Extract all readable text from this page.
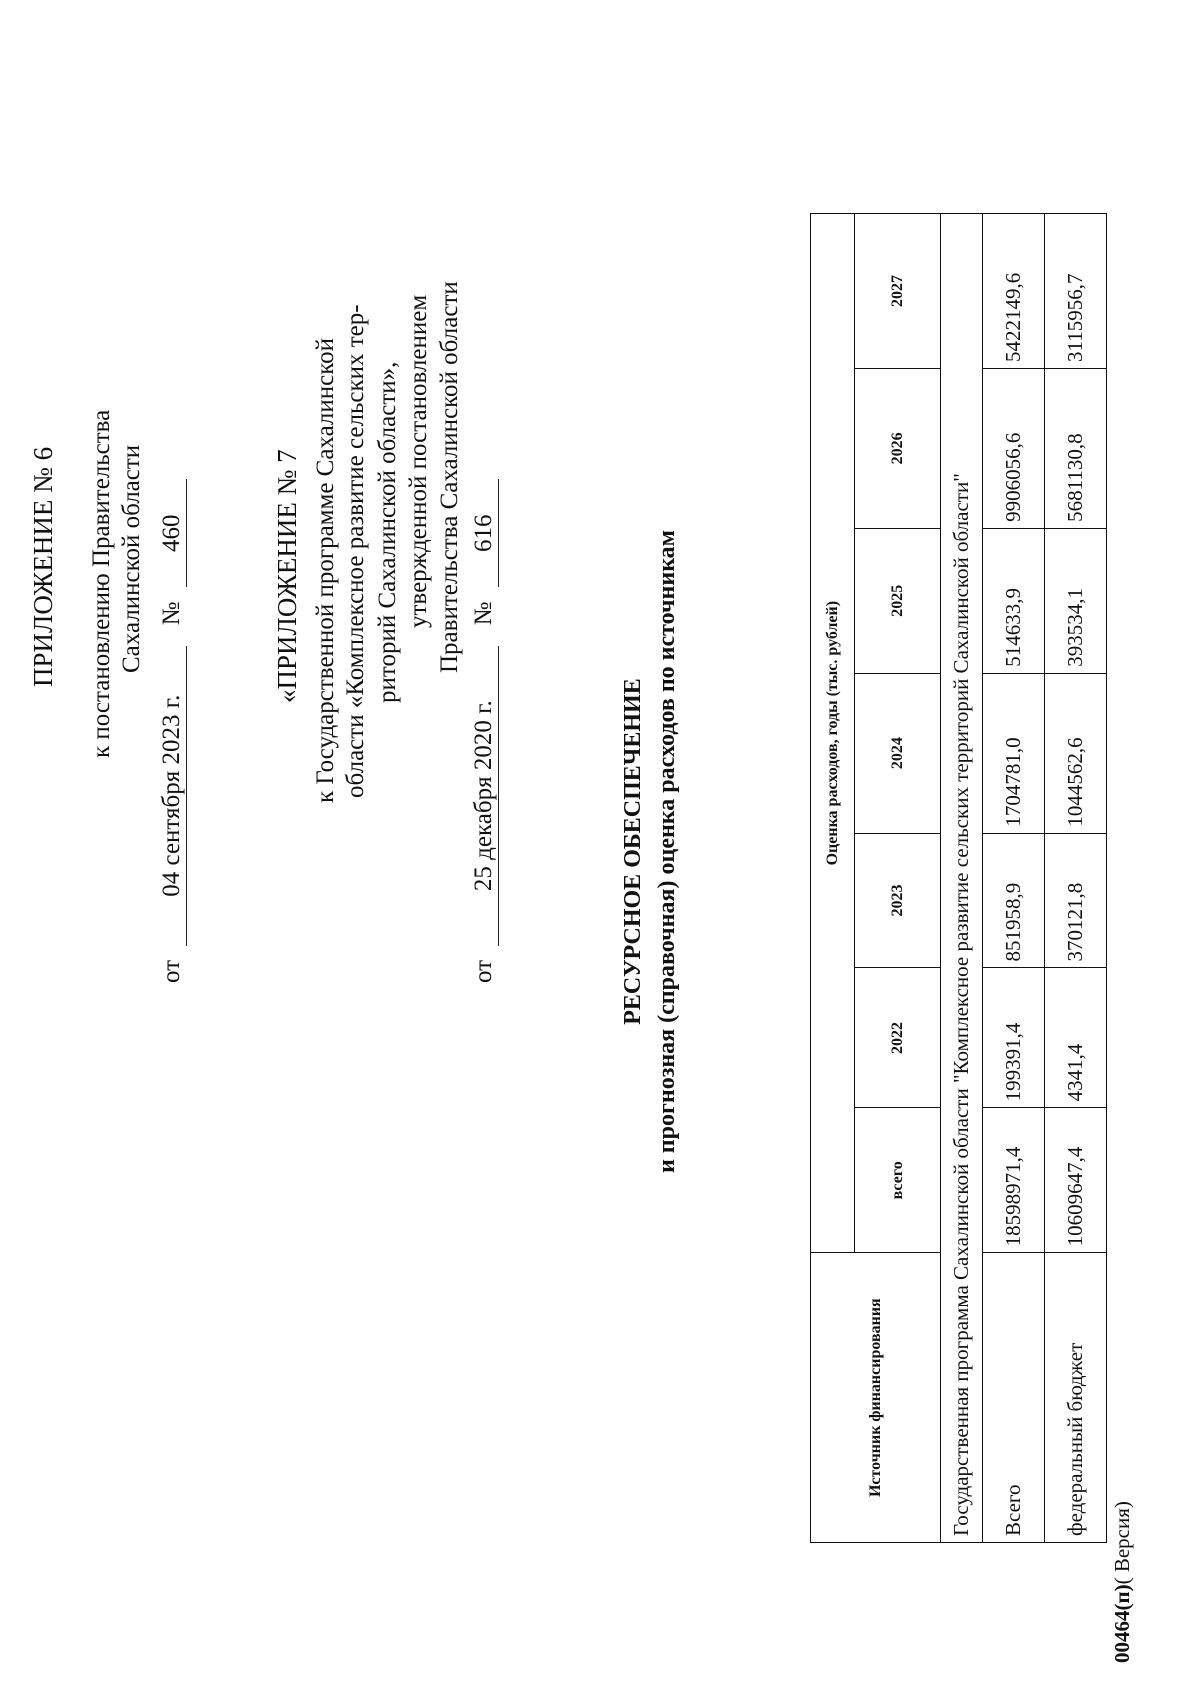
ПРИЛОЖЕНИЕ № 6 к постановлению Правительства Сахалинской области
от 04 сентября 2023 г. № 460	«ПРИЛОЖЕНИЕ № 7 к Государственной программе Сахалинской области «Комплексное развитие сельских тер- риторий Сахалинской области», утвержденной постановлением Правительства Сахалинской области
от 25 декабря 2020 г. № 616
РЕСУРСНОЕ ОБЕСПЕЧЕНИЕ и прогнозная (справочная) оценка расходов по источникам
Источник финансирования	Оценка расходов, годы (тыс. рублей)						
	всего	2022	2023	2024	2025	2026	2027
Государственная программа Сахалинской области "Комплексное развитие сельских территорий Сахалинской области"							
Всего	18598971,4	199391,4	851958,9	1704781,0	514633,9	9906056,6	5422149,6
федеральный бюджет	10609647,4	4341,4	370121,8	1044562,6	393534,1	5681130,8	3115956,7
00464(п)( Версия)
